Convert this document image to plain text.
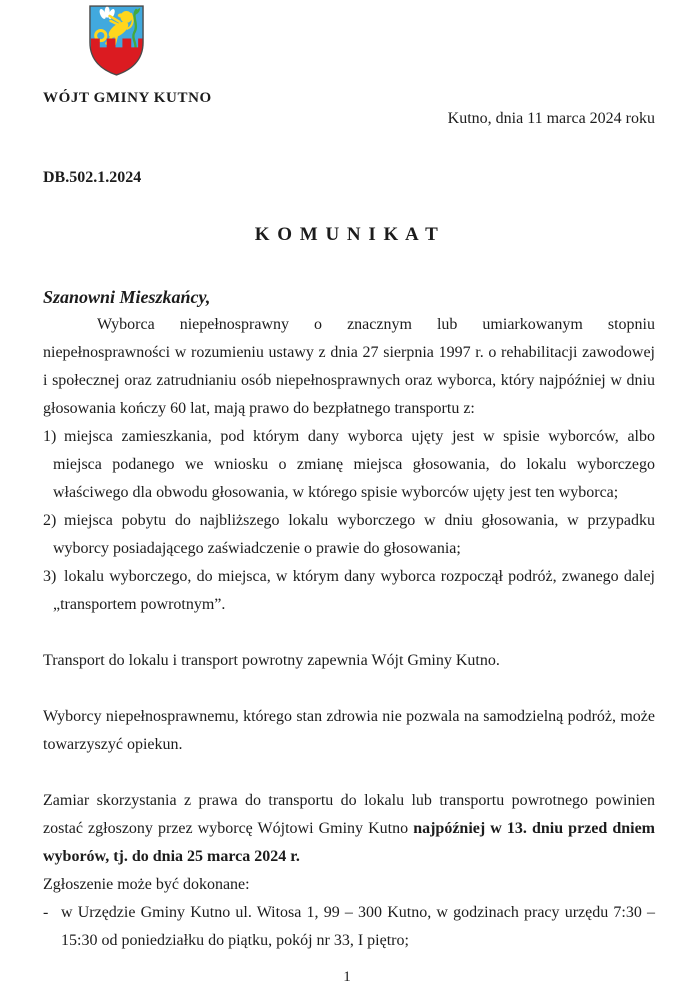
WÓJT GMINY KUTNO
Kutno, dnia 11 marca 2024 roku
DB.502.1.2024
K O M U N I K A T
Szanowni Mieszkańcy,

Wyborca niepełnosprawny o znacznym lub umiarkowanym stopniu niepełnosprawności w rozumieniu ustawy z dnia 27 sierpnia 1997 r. o rehabilitacji zawodowej i społecznej oraz zatrudnianiu osób niepełnosprawnych oraz wyborca, który najpóźniej w dniu głosowania kończy 60 lat, mają prawo do bezpłatnego transportu z:

1) miejsca zamieszkania, pod którym dany wyborca ujęty jest w spisie wyborców, albo miejsca podanego we wniosku o zmianę miejsca głosowania, do lokalu wyborczego właściwego dla obwodu głosowania, w którego spisie wyborców ujęty jest ten wyborca;
2) miejsca pobytu do najbliższego lokalu wyborczego w dniu głosowania, w przypadku wyborcy posiadającego zaświadczenie o prawie do głosowania;
3) lokalu wyborczego, do miejsca, w którym dany wyborca rozpoczął podróż, zwanego dalej „transportem powrotnym”.

Transport do lokalu i transport powrotny zapewnia Wójt Gminy Kutno.

Wyborcy niepełnosprawnemu, którego stan zdrowia nie pozwala na samodzielną podróż, może towarzyszyć opiekun.

Zamiar skorzystania z prawa do transportu do lokalu lub transportu powrotnego powinien zostać zgłoszony przez wyborcę Wójtowi Gminy Kutno najpóźniej w 13. dniu przed dniem wyborów, tj. do dnia 25 marca 2024 r.

Zgłoszenie może być dokonane:

- w Urzędzie Gminy Kutno ul. Witosa 1, 99 – 300 Kutno, w godzinach pracy urzędu 7:30 – 15:30 od poniedziałku do piątku, pokój nr 33, I piętro;
1
